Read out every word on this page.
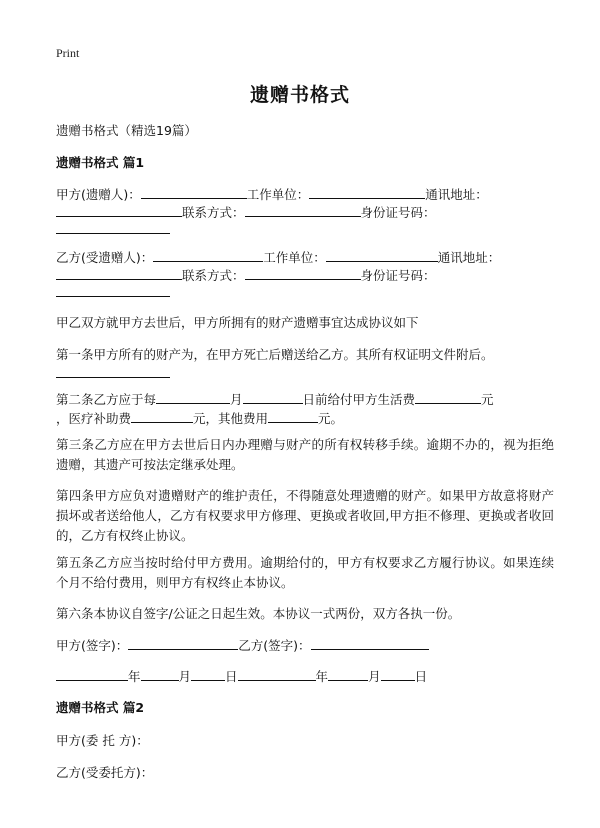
Print
遗赠书格式
遗赠书格式（精选19篇）
遗赠书格式 篇1
甲方(遗赠人)：	工作单位：	通讯地址：
联系方式：	身份证号码：
乙方(受遗赠人)：	工作单位：	通讯地址：
联系方式：	身份证号码：
甲乙双方就甲方去世后，甲方所拥有的财产遗赠事宜达成协议如下
第一条甲方所有的财产为，在甲方死亡后赠送给乙方。其所有权证明文件附后。
第二条乙方应于每	月	日前给付甲方生活费	元
，医疗补助费	元，其他费用	元。
第三条乙方应在甲方去世后日内办理赠与财产的所有权转移手续。逾期不办的，视为拒绝遗赠，其遗产可按法定继承处理。
第四条甲方应负对遗赠财产的维护责任，不得随意处理遗赠的财产。如果甲方故意将财产损坏或者送给他人，乙方有权要求甲方修理、更换或者收回,甲方拒不修理、更换或者收回的，乙方有权终止协议。
第五条乙方应当按时给付甲方费用。逾期给付的，甲方有权要求乙方履行协议。如果连续个月不给付费用，则甲方有权终止本协议。
第六条本协议自签字/公证之日起生效。本协议一式两份，双方各执一份。
甲方(签字)：	乙方(签字)：
年	月	日	年	月	日
遗赠书格式 篇2
甲方(委 托 方)：
乙方(受委托方)：
